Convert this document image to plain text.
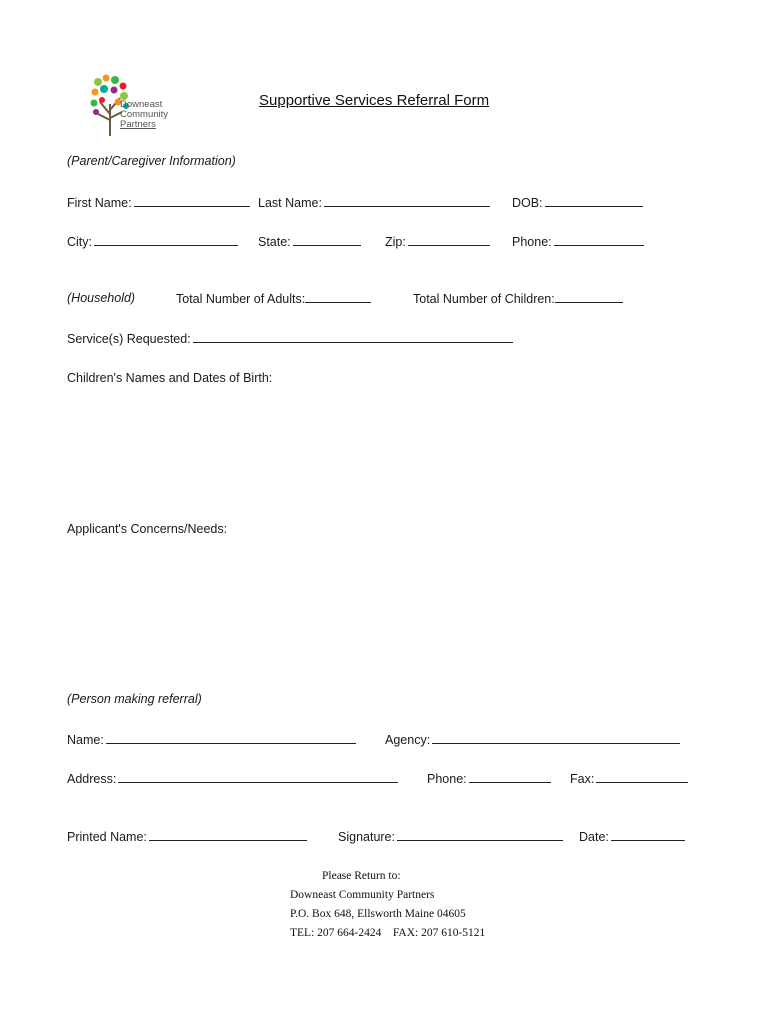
Downeast
Community
Partners
Supportive Services Referral Form
(Parent/Caregiver Information)
First Name:	Last Name:	DOB:
City:	State:	Zip:	Phone:
(Household)	Total Number of Adults:	Total Number of Children:
Service(s) Requested:
Children's Names and Dates of Birth:
Applicant's Concerns/Needs:
(Person making referral)
Name:	Agency:
Address:	Phone:	Fax:
Printed Name:	Signature:	Date:
Please Return to:
Downeast Community Partners
P.O. Box 648, Ellsworth Maine 04605
TEL: 207 664-2424    FAX: 207 610-5121
